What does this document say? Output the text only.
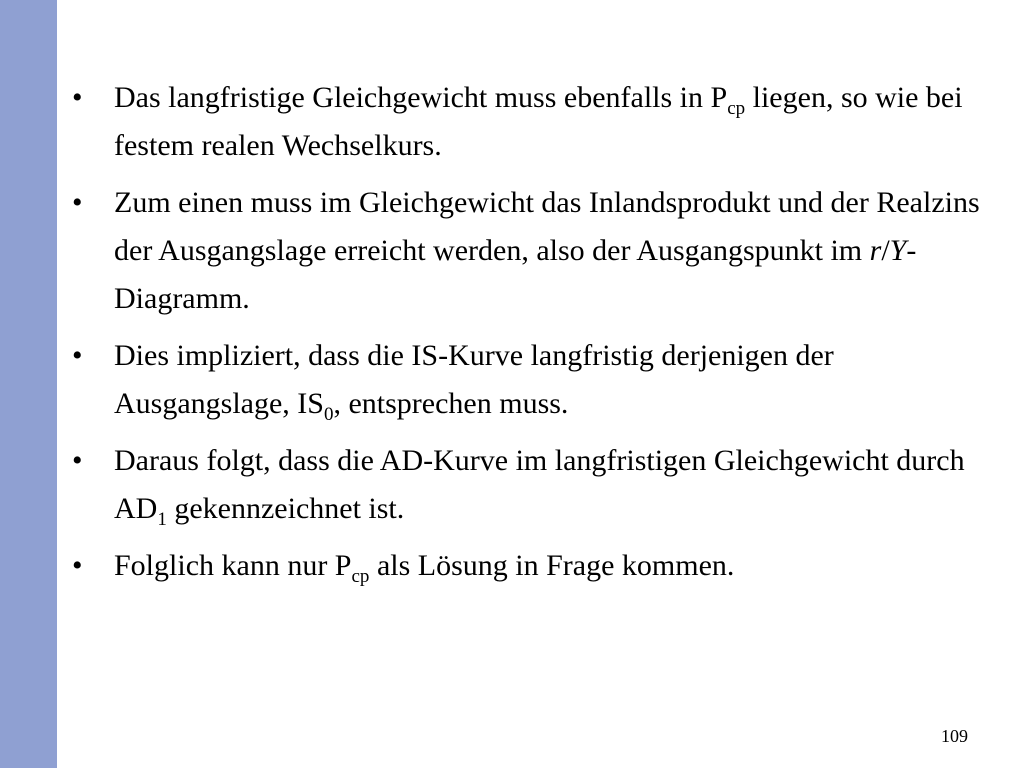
•	Das langfristige Gleichgewicht muss ebenfalls in $P_{cp}$ liegen, so wie bei festem realen Wechselkurs.
•	Zum einen muss im Gleichgewicht das Inlandsprodukt und der Realzins der Ausgangslage erreicht werden, also der Ausgangspunkt im r/Y-Diagramm.
•	Dies impliziert, dass die IS-Kurve langfristig derjenigen der Ausgangslage, $IS_0$, entsprechen muss.
•	Daraus folgt, dass die AD-Kurve im langfristigen Gleichgewicht durch $AD_1$ gekennzeichnet ist.
•	Folglich kann nur $P_{cp}$ als Lösung in Frage kommen.
109
